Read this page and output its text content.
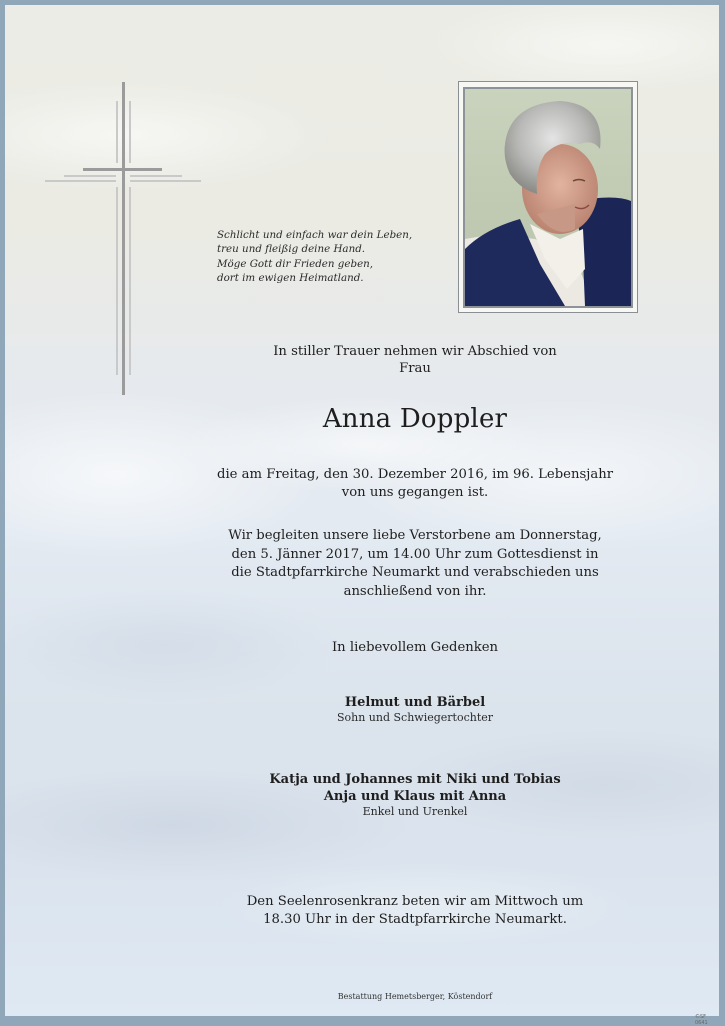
Schlicht und einfach war dein Leben,
treu und fleißig deine Hand.
Möge Gott dir Frieden geben,
dort im ewigen Heimatland.
In stiller Trauer nehmen wir Abschied von
Frau
Anna Doppler
die am Freitag, den 30. Dezember 2016, im 96. Lebensjahr
von uns gegangen ist.
Wir begleiten unsere liebe Verstorbene am Donnerstag,
den 5. Jänner 2017, um 14.00 Uhr zum Gottesdienst in
die Stadtpfarrkirche Neumarkt und verabschieden uns
anschließend von ihr.
In liebevollem Gedenken
Helmut und Bärbel
Sohn und Schwiegertochter
Katja und Johannes mit Niki und Tobias
Anja und Klaus mit Anna
Enkel und Urenkel
Den Seelenrosenkranz beten wir am Mittwoch um
18.30 Uhr in der Stadtpfarrkirche Neumarkt.
Bestattung Hemetsberger, Köstendorf
©SF 0641
